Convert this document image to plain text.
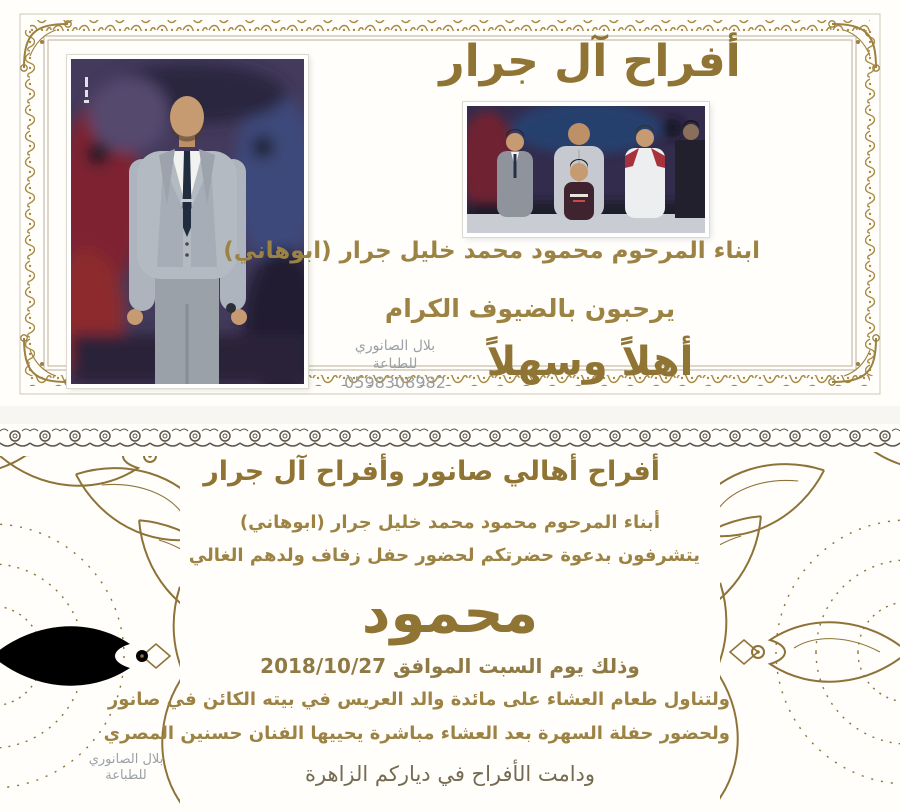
أفراح آل جرار
ابناء المرحوم محمود محمد خليل جرار (ابوهاني)
يرحبون بالضيوف الكرام
أهلاً وسهلاً
بلال الصانوري
للطباعة
0598308982
أفراح أهالي صانور وأفراح آل جرار
أبناء المرحوم محمود محمد خليل جرار (ابوهاني)
يتشرفون بدعوة حضرتكم لحضور حفل زفاف ولدهم الغالي
محمود
وذلك يوم السبت الموافق 2018/10/27
ولتناول طعام العشاء على مائدة والد العريس في بيته الكائن في صانور
ولحضور حفلة السهرة بعد العشاء مباشرة يحييها الفنان حسنين المصري
ودامت الأفراح في دياركم الزاهرة
بلال الصانوري
للطباعة
